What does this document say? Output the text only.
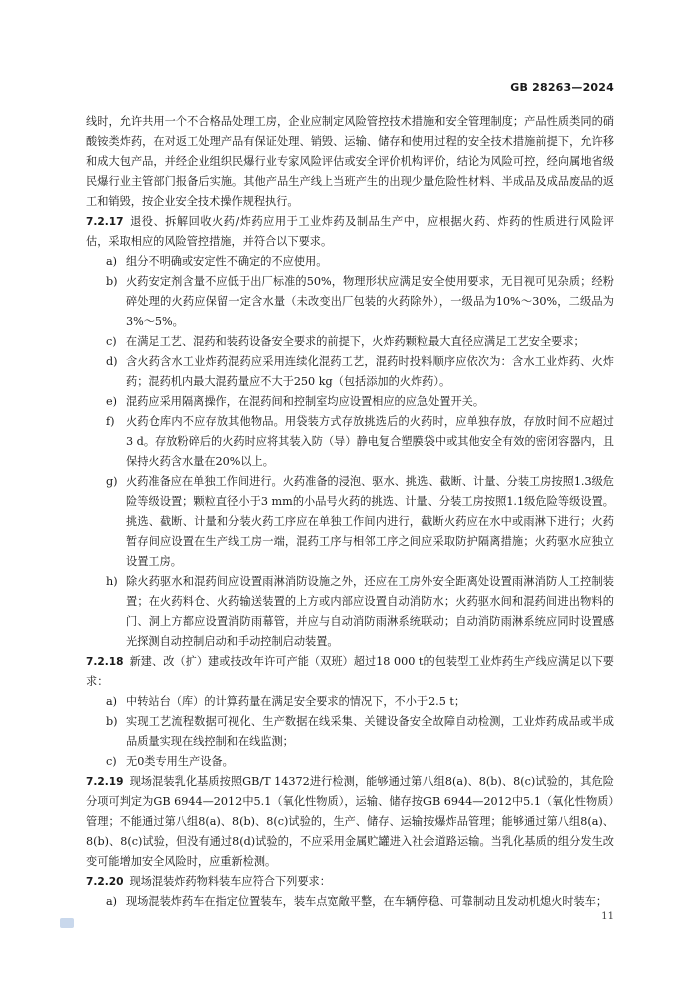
GB 28263—2024

线时，允许共用一个不合格品处理工房，企业应制定风险管控技术措施和安全管理制度；产品性质类同的硝酸铵类炸药，在对返工处理产品有保证处理、销毁、运输、储存和使用过程的安全技术措施前提下，允许移和成大包产品，并经企业组织民爆行业专家风险评估或安全评价机构评价，结论为风险可控，经向属地省级民爆行业主管部门报备后实施。其他产品生产线上当班产生的出现少量危险性材料、半成品及成品废品的返工和销毁，按企业安全技术操作规程执行。

7.2.17 退役、拆解回收火药/炸药应用于工业炸药及制品生产中，应根据火药、炸药的性质进行风险评估，采取相应的风险管控措施，并符合以下要求。

a) 组分不明确或安定性不确定的不应使用。
b) 火药安定剂含量不应低于出厂标准的50%，物理形状应满足安全使用要求，无目视可见杂质；经粉碎处理的火药应保留一定含水量（未改变出厂包装的火药除外），一级品为10%～30%，二级品为3%～5%。
c) 在满足工艺、混药和装药设备安全要求的前提下，火炸药颗粒最大直径应满足工艺安全要求；
d) 含火药含水工业炸药混药应采用连续化混药工艺，混药时投料顺序应依次为：含水工业炸药、火炸药；混药机内最大混药量应不大于250 kg（包括添加的火炸药）。
e) 混药应采用隔离操作，在混药间和控制室均应设置相应的应急处置开关。
f)	火药仓库内不应存放其他物品。用袋装方式存放挑选后的火药时，应单独存放，存放时间不应超过3 d。存放粉碎后的火药时应将其装入防（导）静电复合塑膜袋中或其他安全有效的密闭容器内，且保持火药含水量在20%以上。
g) 火药准备应在单独工作间进行。火药准备的浸泡、驱水、挑选、截断、计量、分装工房按照1.3级危险等级设置；颗粒直径小于3 mm的小品号火药的挑选、计量、分装工房按照1.1级危险等级设置。挑选、截断、计量和分装火药工序应在单独工作间内进行，截断火药应在水中或雨淋下进行；火药暂存间应设置在生产线工房一端，混药工序与相邻工序之间应采取防护隔离措施；火药驱水应独立设置工房。
h) 除火药驱水和混药间应设置雨淋消防设施之外，还应在工房外安全距离处设置雨淋消防人工控制装置；在火药料仓、火药输送装置的上方或内部应设置自动消防水；火药驱水间和混药间进出物料的门、洞上方都应设置消防雨幕管，并应与自动消防雨淋系统联动；自动消防雨淋系统应同时设置感光探测自动控制启动和手动控制启动装置。

7.2.18 新建、改（扩）建或技改年许可产能（双班）超过18 000 t的包装型工业炸药生产线应满足以下要求：

a) 中转站台（库）的计算药量在满足安全要求的情况下，不小于2.5 t；
b) 实现工艺流程数据可视化、生产数据在线采集、关键设备安全故障自动检测，工业炸药成品或半成品质量实现在线控制和在线监测；
c) 无0类专用生产设备。

7.2.19 现场混装乳化基质按照GB/T 14372进行检测，能够通过第八组8(a)、8(b)、8(c)试验的，其危险分项可判定为GB 6944—2012中5.1（氧化性物质），运输、储存按GB 6944—2012中5.1（氧化性物质）管理；不能通过第八组8(a)、8(b)、8(c)试验的，生产、储存、运输按爆炸品管理；能够通过第八组8(a)、8(b)、8(c)试验，但没有通过8(d)试验的，不应采用金属贮罐进入社会道路运输。当乳化基质的组分发生改变可能增加安全风险时，应重新检测。

7.2.20 现场混装炸药物料装车应符合下列要求：

a) 现场混装炸药车在指定位置装车，装车点宽敞平整，在车辆停稳、可靠制动且发动机熄火时装车；
11
